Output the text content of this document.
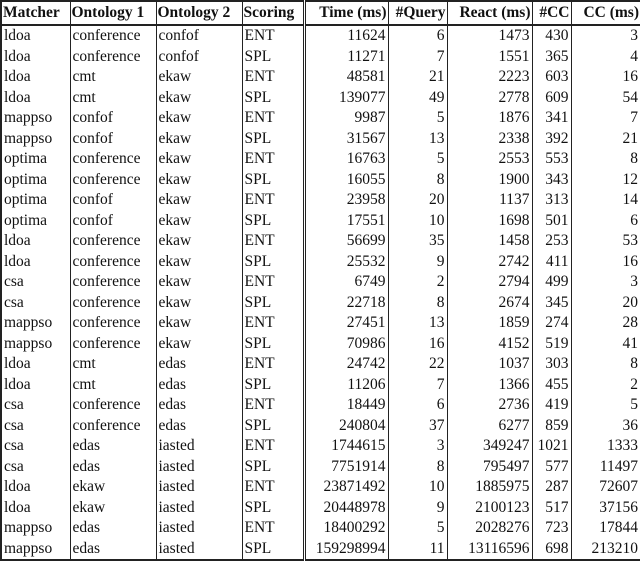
Matcher	Ontology 1	Ontology 2	Scoring	Time (ms)	#Query	React (ms)	#CC	CC (ms)
ldoa	conference	confof	ENT	11624	6	1473	430	3
ldoa	conference	confof	SPL	11271	7	1551	365	4
ldoa	cmt	ekaw	ENT	48581	21	2223	603	16
ldoa	cmt	ekaw	SPL	139077	49	2778	609	54
mappso	confof	ekaw	ENT	9987	5	1876	341	7
mappso	confof	ekaw	SPL	31567	13	2338	392	21
optima	conference	ekaw	ENT	16763	5	2553	553	8
optima	conference	ekaw	SPL	16055	8	1900	343	12
optima	confof	ekaw	ENT	23958	20	1137	313	14
optima	confof	ekaw	SPL	17551	10	1698	501	6
ldoa	conference	ekaw	ENT	56699	35	1458	253	53
ldoa	conference	ekaw	SPL	25532	9	2742	411	16
csa	conference	ekaw	ENT	6749	2	2794	499	3
csa	conference	ekaw	SPL	22718	8	2674	345	20
mappso	conference	ekaw	ENT	27451	13	1859	274	28
mappso	conference	ekaw	SPL	70986	16	4152	519	41
ldoa	cmt	edas	ENT	24742	22	1037	303	8
ldoa	cmt	edas	SPL	11206	7	1366	455	2
csa	conference	edas	ENT	18449	6	2736	419	5
csa	conference	edas	SPL	240804	37	6277	859	36
csa	edas	iasted	ENT	1744615	3	349247	1021	1333
csa	edas	iasted	SPL	7751914	8	795497	577	11497
ldoa	ekaw	iasted	ENT	23871492	10	1885975	287	72607
ldoa	ekaw	iasted	SPL	20448978	9	2100123	517	37156
mappso	edas	iasted	ENT	18400292	5	2028276	723	17844
mappso	edas	iasted	SPL	159298994	11	13116596	698	213210
